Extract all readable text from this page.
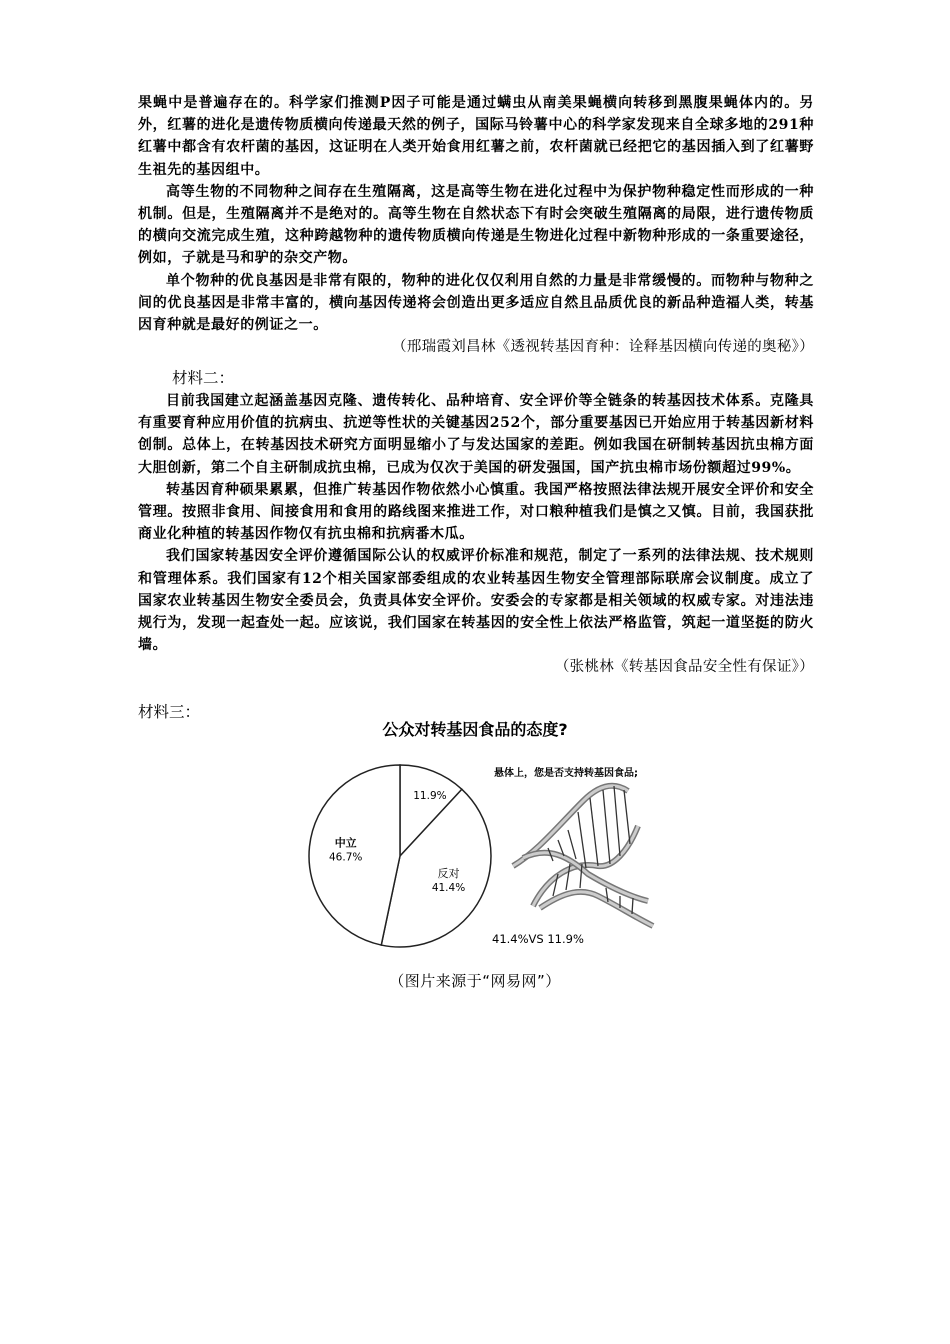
果蝇中是普遍存在的。科学家们推测P因子可能是通过螨虫从南美果蝇横向转移到黑腹果蝇体内的。另外，红薯的进化是遗传物质横向传递最天然的例子，国际马铃薯中心的科学家发现来自全球多地的291种红薯中都含有农杆菌的基因，这证明在人类开始食用红薯之前，农杆菌就已经把它的基因插入到了红薯野生祖先的基因组中。

高等生物的不同物种之间存在生殖隔离，这是高等生物在进化过程中为保护物种稳定性而形成的一种机制。但是，生殖隔离并不是绝对的。高等生物在自然状态下有时会突破生殖隔离的局限，进行遗传物质的横向交流完成生殖，这种跨越物种的遗传物质横向传递是生物进化过程中新物种形成的一条重要途径，例如，子就是马和驴的杂交产物。

单个物种的优良基因是非常有限的，物种的进化仅仅利用自然的力量是非常缓慢的。而物种与物种之间的优良基因是非常丰富的，横向基因传递将会创造出更多适应自然且品质优良的新品种造福人类，转基因育种就是最好的例证之一。

（邢瑞霞刘昌林《透视转基因育种：诠释基因横向传递的奥秘》）

材料二：

目前我国建立起涵盖基因克隆、遗传转化、品种培育、安全评价等全链条的转基因技术体系。克隆具有重要育种应用价值的抗病虫、抗逆等性状的关键基因252个，部分重要基因已开始应用于转基因新材料创制。总体上，在转基因技术研究方面明显缩小了与发达国家的差距。例如我国在研制转基因抗虫棉方面大胆创新，第二个自主研制成抗虫棉，已成为仅次于美国的研发强国，国产抗虫棉市场份额超过99%。

转基因育种硕果累累，但推广转基因作物依然小心慎重。我国严格按照法律法规开展安全评价和安全管理。按照非食用、间接食用和食用的路线图来推进工作，对口粮种植我们是慎之又慎。目前，我国获批商业化种植的转基因作物仅有抗虫棉和抗病番木瓜。

我们国家转基因安全评价遵循国际公认的权威评价标准和规范，制定了一系列的法律法规、技术规则和管理体系。我们国家有12个相关国家部委组成的农业转基因生物安全管理部际联席会议制度。成立了国家农业转基因生物安全委员会，负责具体安全评价。安委会的专家都是相关领域的权威专家。对违法违规行为，发现一起查处一起。应该说，我们国家在转基因的安全性上依法严格监管，筑起一道坚挺的防火墙。

（张桃林《转基因食品安全性有保证》）

材料三：
公众对转基因食品的态度?
11.9%
反对
41.4%
中立
46.7%
悬体上，您是否支持转基因食品;
41.4%VS 11.9%
（图片来源于“网易网”）
